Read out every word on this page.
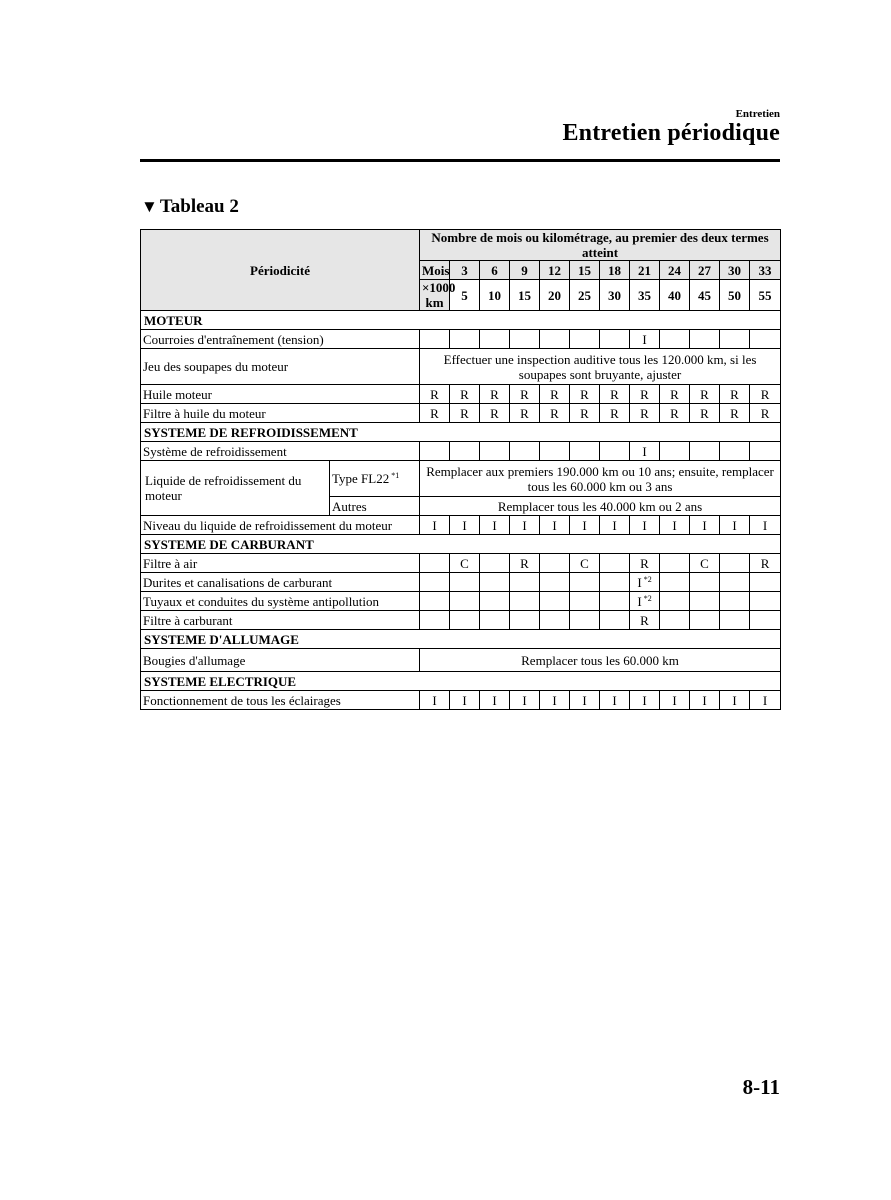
Entretien
Entretien périodique
▼ Tableau 2
Périodicité		Nombre de mois ou kilométrage, au premier des deux termes atteint												
		Mois	3	6	9	12	15	18	21	24	27	30	33	
		×1000 km	5	10	15	20	25	30	35	40	45	50	55	
MOTEUR														
Courroies d'entraînement (tension)									I					
Jeu des soupapes du moteur		Effectuer une inspection auditive tous les 120.000 km, si les soupapes sont bruyante, ajuster												
Huile moteur		R	R	R	R	R	R	R	R	R	R	R	R	
Filtre à huile du moteur		R	R	R	R	R	R	R	R	R	R	R	R	
SYSTEME DE REFROIDISSEMENT														
Système de refroidissement									I					
Liquide de refroidissement du moteur	Type FL22 $^{*1}$	Remplacer aux premiers 190.000 km ou 10 ans; ensuite, remplacer tous les 60.000 km ou 3 ans												
	Autres	Remplacer tous les 40.000 km ou 2 ans												
Niveau du liquide de refroidissement du moteur		I	I	I	I	I	I	I	I	I	I	I	I	
SYSTEME DE CARBURANT														
Filtre à air			C		R		C		R		C		R	
Durites et canalisations de carburant									I $^{*2}$				
Tuyaux et conduites du système antipollution									I $^{*2}$				
Filtre à carburant									R					
SYSTEME D'ALLUMAGE														
Bougies d'allumage		Remplacer tous les 60.000 km												
SYSTEME ELECTRIQUE														
Fonctionnement de tous les éclairages		I	I	I	I	I	I	I	I	I	I	I	I	
8-11
